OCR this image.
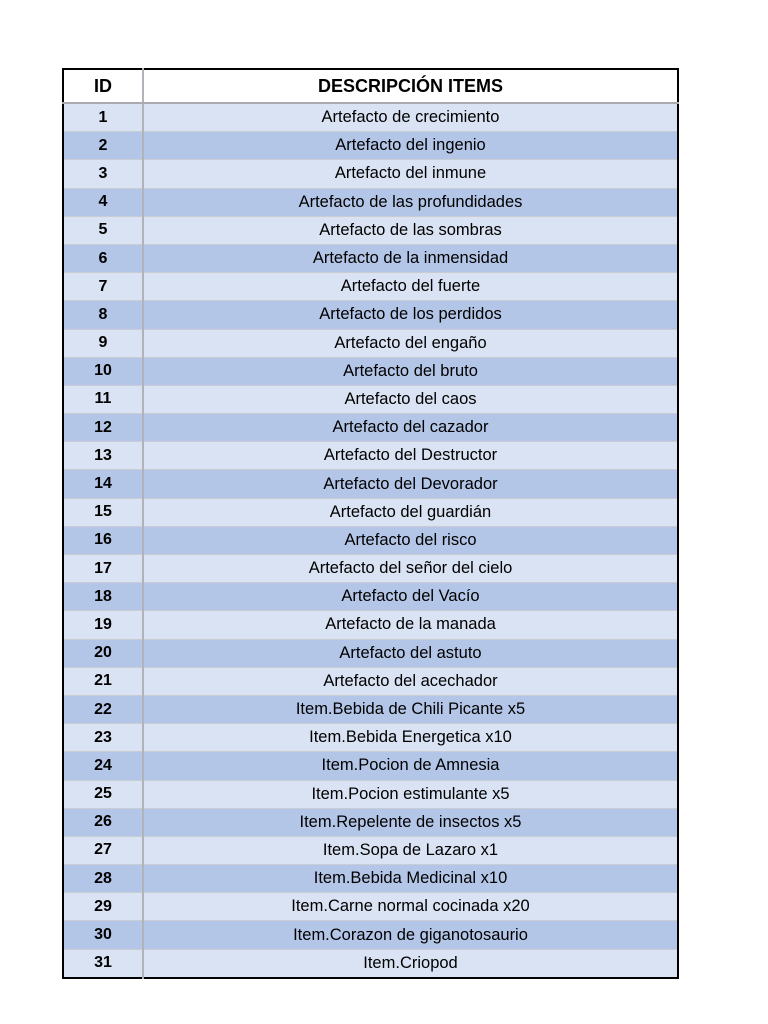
ID	DESCRIPCIÓN ITEMS
1	Artefacto de crecimiento
2	Artefacto del ingenio
3	Artefacto del inmune
4	Artefacto de las profundidades
5	Artefacto de las sombras
6	Artefacto de la inmensidad
7	Artefacto del fuerte
8	Artefacto de los perdidos
9	Artefacto del engaño
10	Artefacto del bruto
11	Artefacto del caos
12	Artefacto del cazador
13	Artefacto del Destructor
14	Artefacto del Devorador
15	Artefacto del guardián
16	Artefacto del risco
17	Artefacto del señor del cielo
18	Artefacto del Vacío
19	Artefacto de la manada
20	Artefacto del astuto
21	Artefacto del acechador
22	Item.Bebida de Chili Picante x5
23	Item.Bebida Energetica x10
24	Item.Pocion de Amnesia
25	Item.Pocion estimulante x5
26	Item.Repelente de insectos x5
27	Item.Sopa de Lazaro x1
28	Item.Bebida Medicinal x10
29	Item.Carne normal cocinada x20
30	Item.Corazon de giganotosaurio
31	Item.Criopod
